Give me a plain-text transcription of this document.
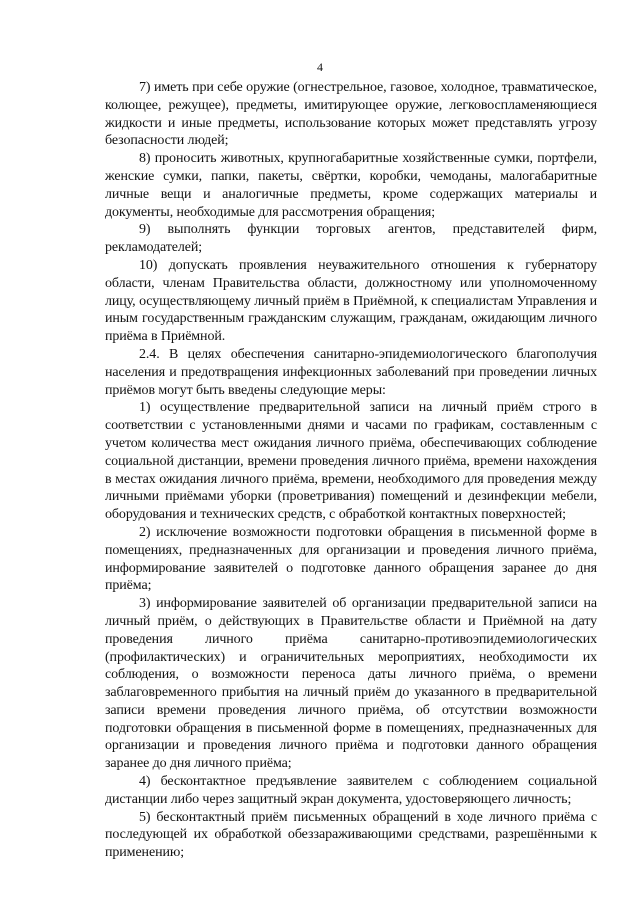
4

7) иметь при себе оружие (огнестрельное, газовое, холодное, травматическое, колющее, режущее), предметы, имитирующее оружие, легковоспламеняющиеся жидкости и иные предметы, использование которых может представлять угрозу безопасности людей;

8) проносить животных, крупногабаритные хозяйственные сумки, портфели, женские сумки, папки, пакеты, свёртки, коробки, чемоданы, малогабаритные личные вещи и аналогичные предметы, кроме содержащих материалы и документы, необходимые для рассмотрения обращения;

9) выполнять функции торговых агентов, представителей фирм, рекламодателей;

10) допускать проявления неуважительного отношения к губернатору области, членам Правительства области, должностному или уполномоченному лицу, осуществляющему личный приём в Приёмной, к специалистам Управления и иным государственным гражданским служащим, гражданам, ожидающим личного приёма в Приёмной.

2.4. В целях обеспечения санитарно-эпидемиологического благополучия населения и предотвращения инфекционных заболеваний при проведении личных приёмов могут быть введены следующие меры:

1) осуществление предварительной записи на личный приём строго в соответствии с установленными днями и часами по графикам, составленным с учетом количества мест ожидания личного приёма, обеспечивающих соблюдение социальной дистанции, времени проведения личного приёма, времени нахождения в местах ожидания личного приёма, времени, необходимого для проведения между личными приёмами уборки (проветривания) помещений и дезинфекции мебели, оборудования и технических средств, с обработкой контактных поверхностей;

2) исключение возможности подготовки обращения в письменной форме в помещениях, предназначенных для организации и проведения личного приёма, информирование заявителей о подготовке данного обращения заранее до дня приёма;

3) информирование заявителей об организации предварительной записи на личный приём, о действующих в Правительстве области и Приёмной на дату проведения личного приёма санитарно-противоэпидемиологических (профилактических) и ограничительных мероприятиях, необходимости их соблюдения, о возможности переноса даты личного приёма, о времени заблаговременного прибытия на личный приём до указанного в предварительной записи времени проведения личного приёма, об отсутствии возможности подготовки обращения в письменной форме в помещениях, предназначенных для организации и проведения личного приёма и подготовки данного обращения заранее до дня личного приёма;

4) бесконтактное предъявление заявителем с соблюдением социальной дистанции либо через защитный экран документа, удостоверяющего личность;

5) бесконтактный приём письменных обращений в ходе личного приёма с последующей их обработкой обеззараживающими средствами, разрешёнными к применению;
